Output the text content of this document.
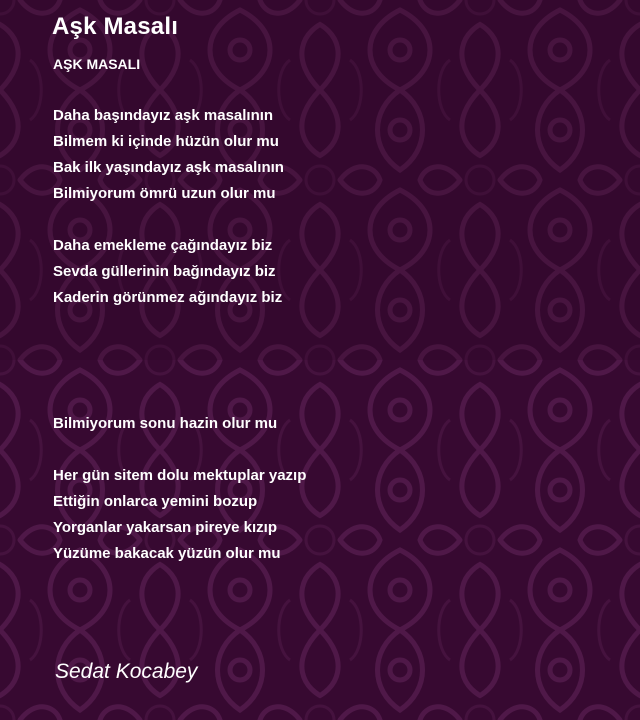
Aşk Masalı

AŞK MASALI

Daha başındayız aşk masalının
Bilmem ki içinde hüzün olur mu
Bak ilk yaşındayız aşk masalının
Bilmiyorum ömrü uzun olur mu
Daha emekleme çağındayız biz
Sevda güllerinin bağındayız biz
Kaderin görünmez ağındayız biz
Bilmiyorum sonu hazin olur mu
Her gün sitem dolu mektuplar yazıp
Ettiğin onlarca yemini bozup
Yorganlar yakarsan pireye kızıp
Yüzüme bakacak yüzün olur mu

Sedat Kocabey
